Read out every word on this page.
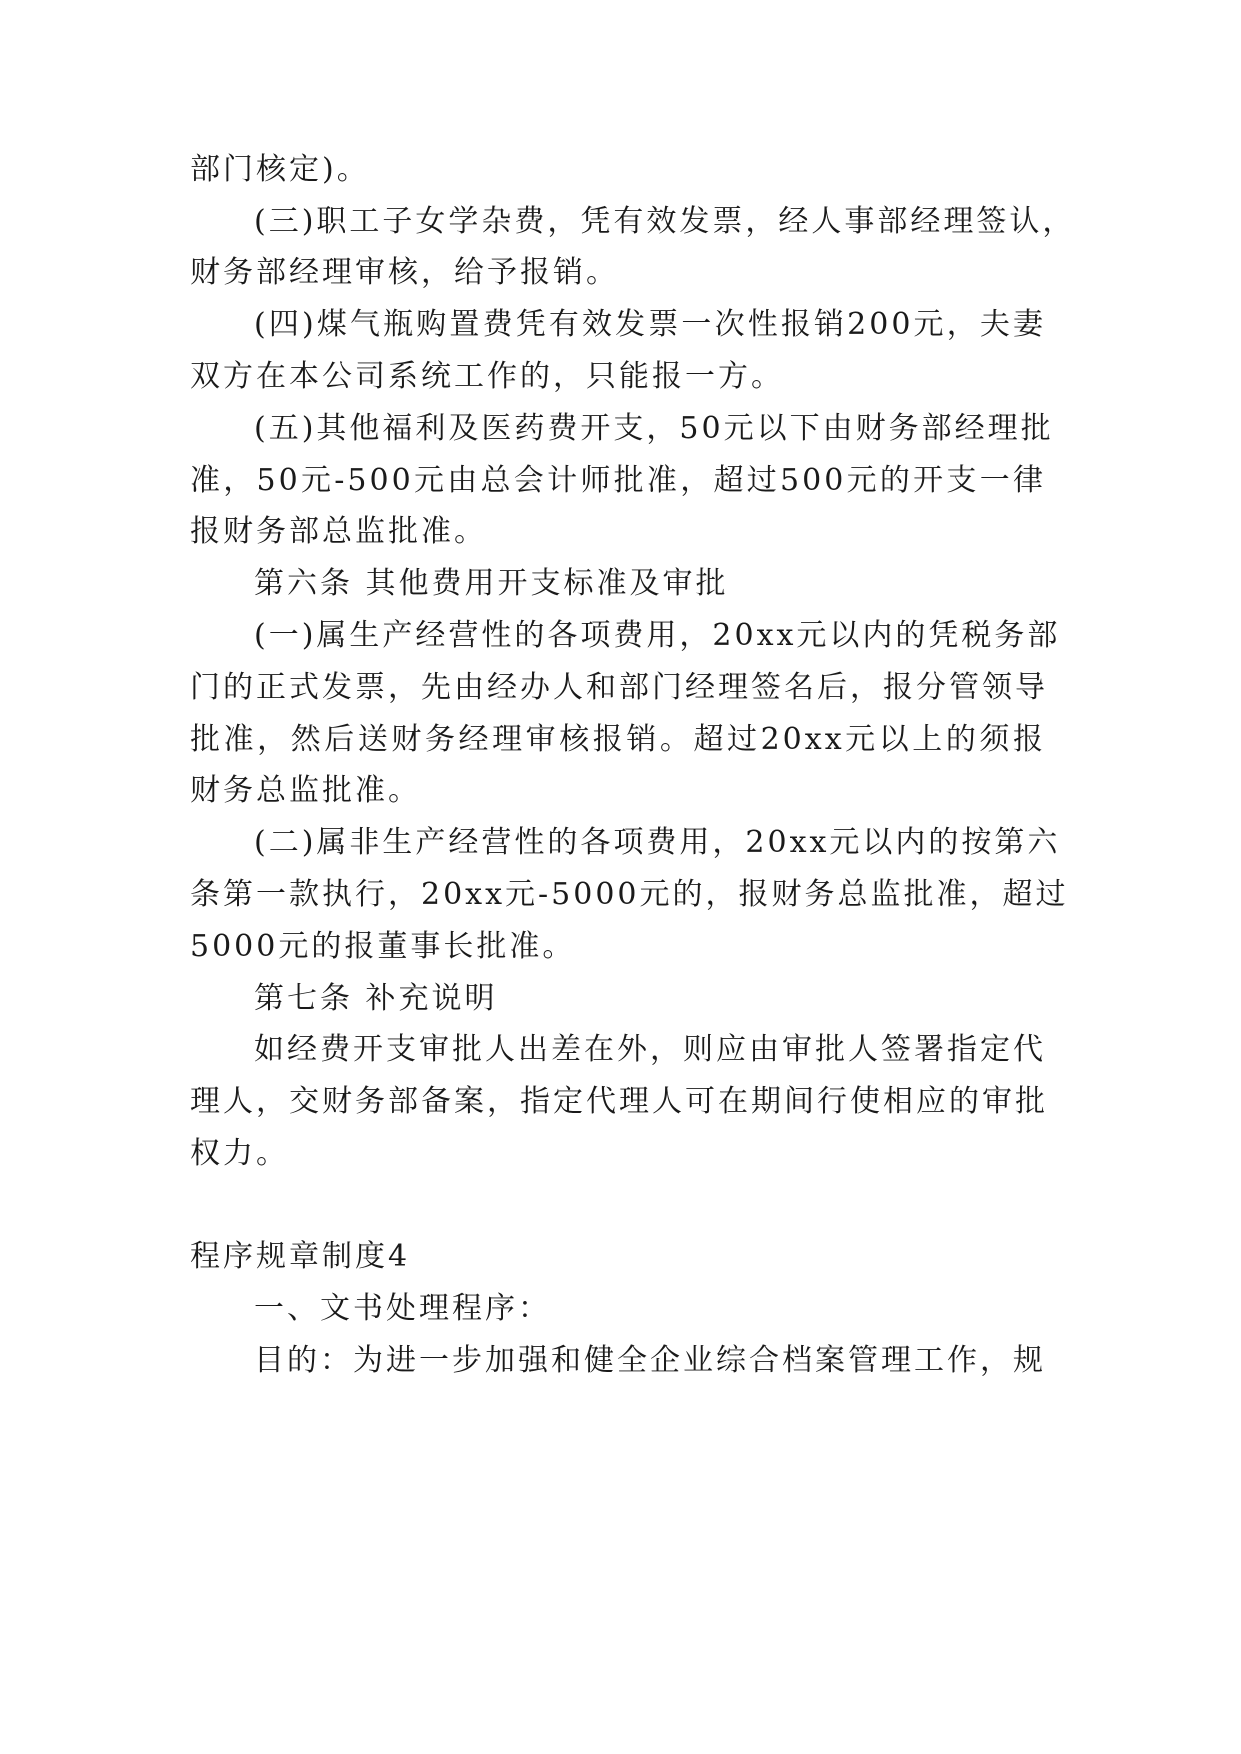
部门核定)。
(三)职工子女学杂费，凭有效发票，经人事部经理签认，
财务部经理审核，给予报销。
(四)煤气瓶购置费凭有效发票一次性报销200元，夫妻
双方在本公司系统工作的，只能报一方。
(五)其他福利及医药费开支，50元以下由财务部经理批
准，50元-500元由总会计师批准，超过500元的开支一律
报财务部总监批准。
第六条 其他费用开支标准及审批
(一)属生产经营性的各项费用，20xx元以内的凭税务部
门的正式发票，先由经办人和部门经理签名后，报分管领导
批准，然后送财务经理审核报销。超过20xx元以上的须报
财务总监批准。
(二)属非生产经营性的各项费用，20xx元以内的按第六
条第一款执行，20xx元-5000元的，报财务总监批准，超过
5000元的报董事长批准。
第七条 补充说明
如经费开支审批人出差在外，则应由审批人签署指定代
理人，交财务部备案，指定代理人可在期间行使相应的审批
权力。
程序规章制度4
一、文书处理程序：
目的：为进一步加强和健全企业综合档案管理工作，规
